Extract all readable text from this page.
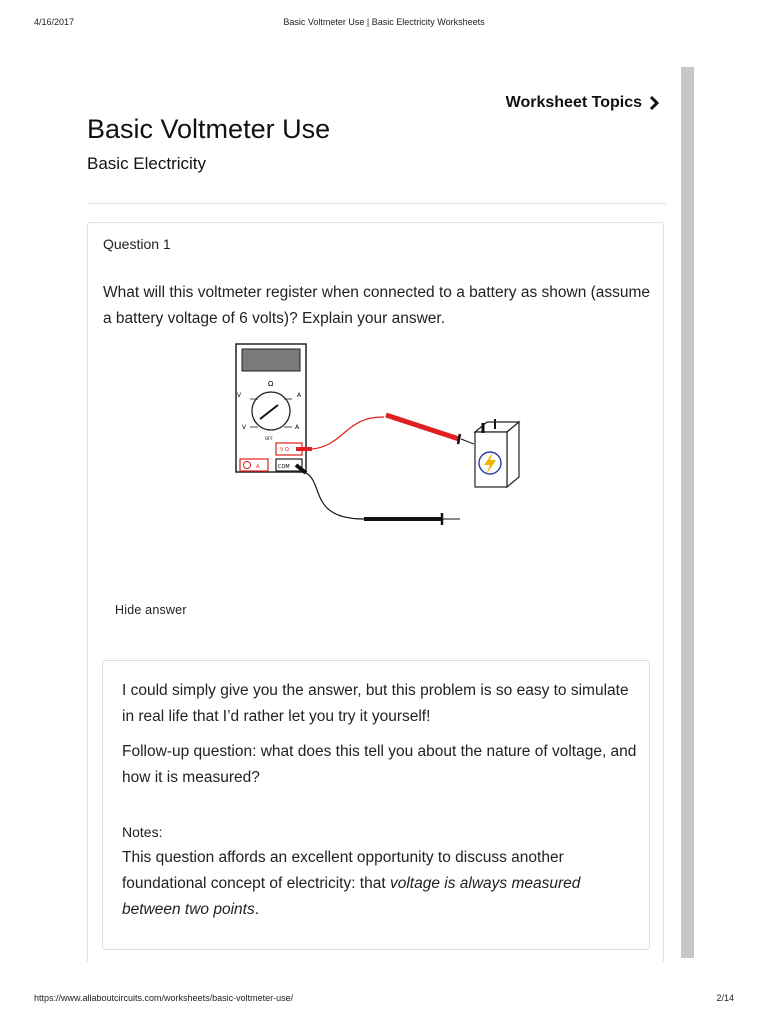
4/16/2017	Basic Voltmeter Use | Basic Electricity Worksheets
Worksheet Topics
Basic Voltmeter Use
Basic Electricity
Question 1
What will this voltmeter register when connected to a battery as shown (assume a battery voltage of 6 volts)? Explain your answer.
Ω
V	A
V	A
OFF
V Ω
A	COM
Hide answer

I could simply give you the answer, but this problem is so easy to simulate in real life that I’d rather let you try it yourself!

Follow-up question: what does this tell you about the nature of voltage, and how it is measured?

Notes:

This question affords an excellent opportunity to discuss another foundational concept of electricity: that voltage is always measured between two points.

https://www.allaboutcircuits.com/worksheets/basic-voltmeter-use/	2/14
